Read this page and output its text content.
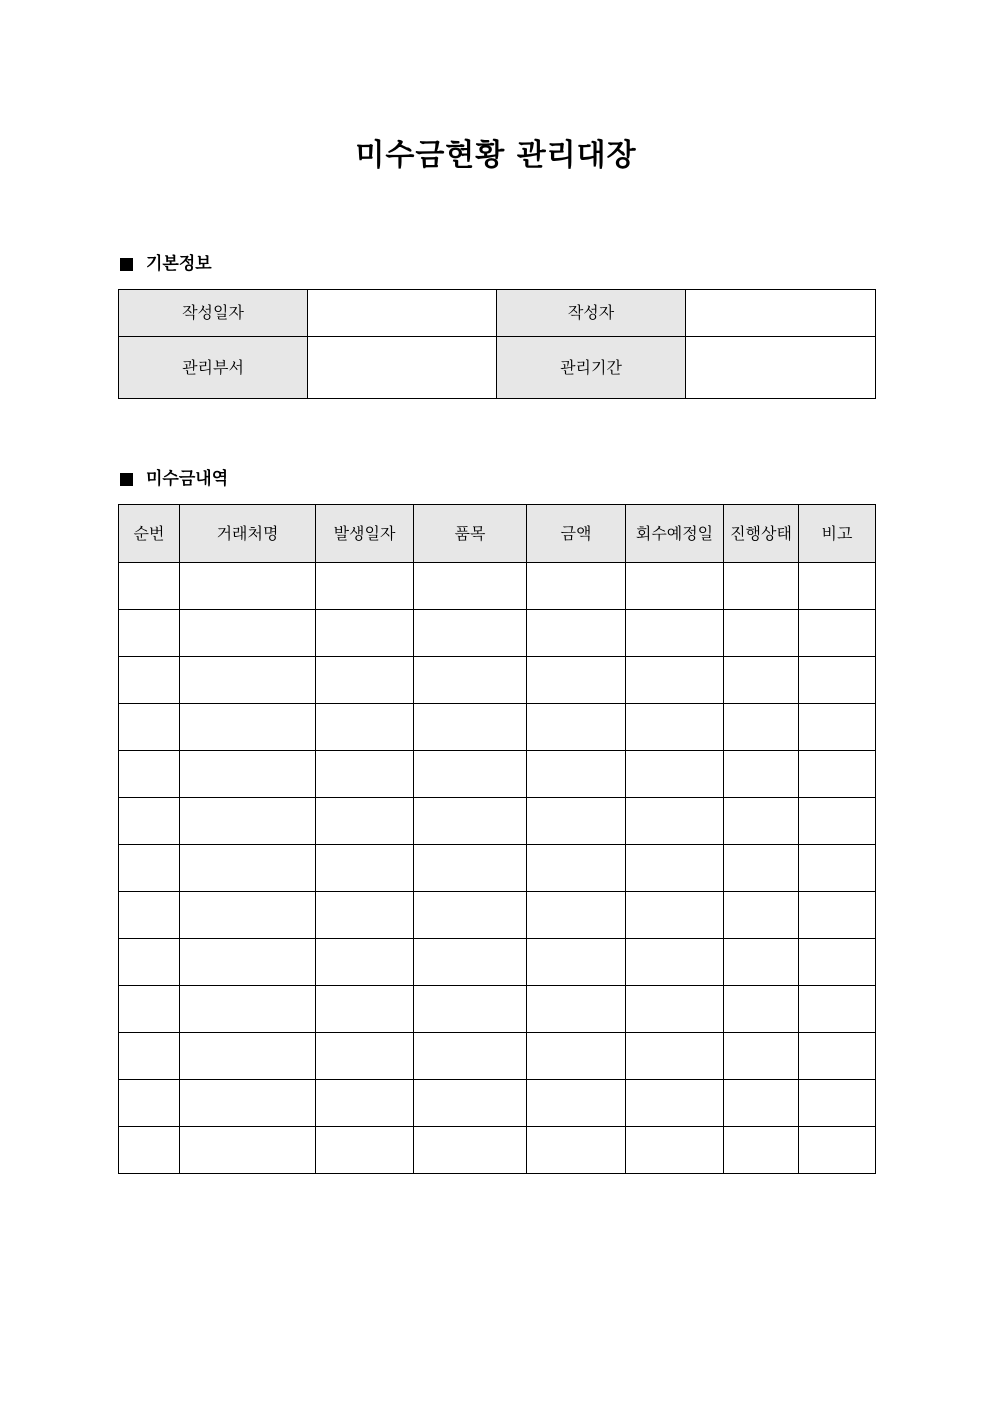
미수금현황 관리대장
기본정보
작성일자		작성자	
관리부서		관리기간	
미수금내역
순번	거래처명	발생일자	품목	금액	회수예정일	진행상태	비고
